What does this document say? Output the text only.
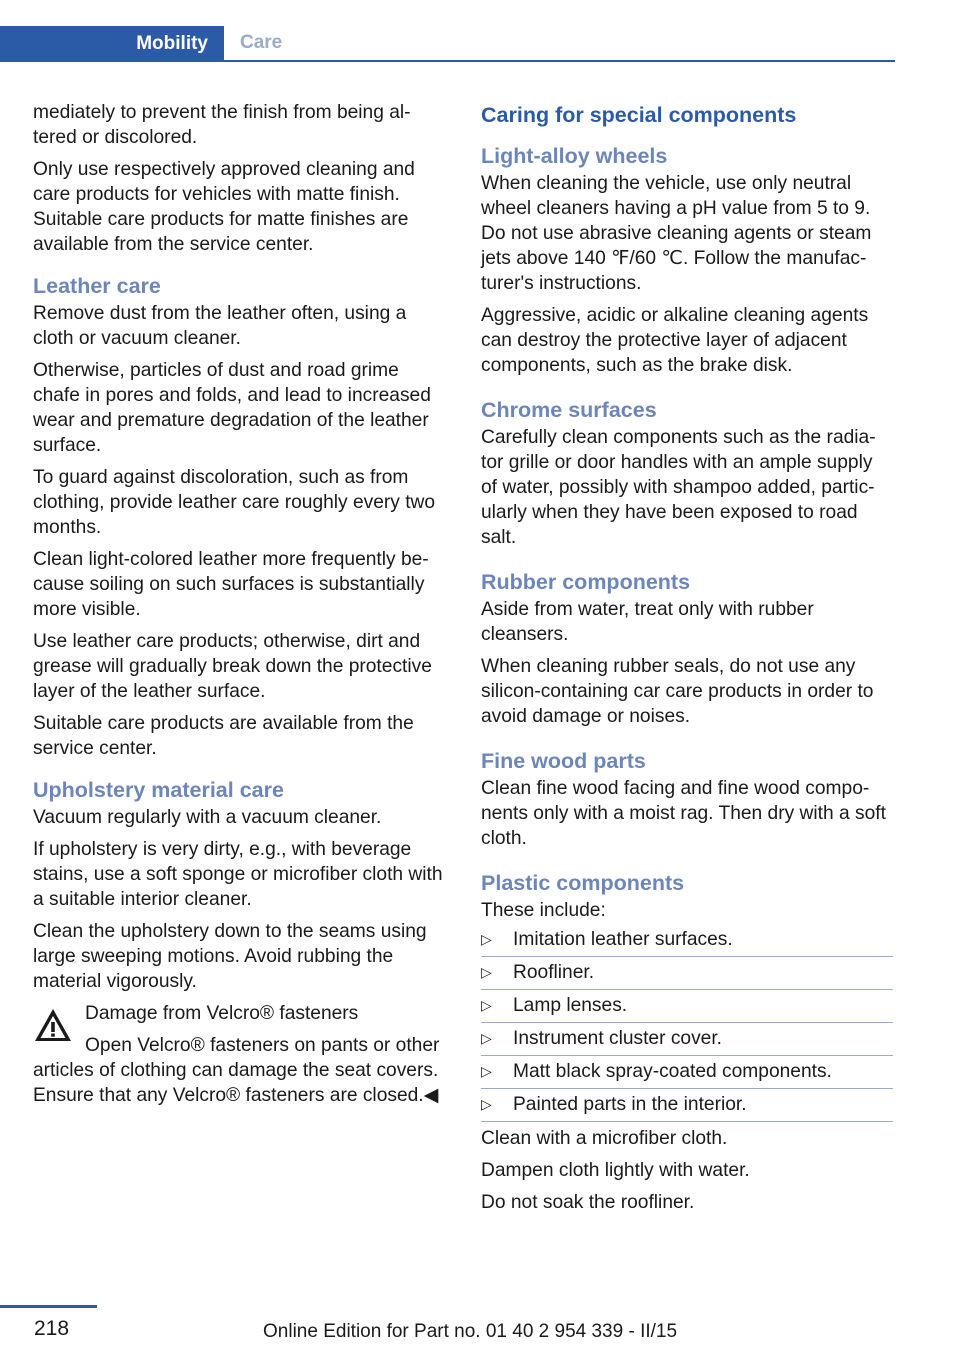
Mobility	Care

mediately to prevent the finish from being al-tered or discolored.

Only use respectively approved cleaning and care products for vehicles with matte finish. Suitable care products for matte finishes are available from the service center.

Leather care

Remove dust from the leather often, using a cloth or vacuum cleaner.

Otherwise, particles of dust and road grime chafe in pores and folds, and lead to increased wear and premature degradation of the leather surface.

To guard against discoloration, such as from clothing, provide leather care roughly every two months.

Clean light-colored leather more frequently be-cause soiling on such surfaces is substantially more visible.

Use leather care products; otherwise, dirt and grease will gradually break down the protective layer of the leather surface.

Suitable care products are available from the service center.

Upholstery material care

Vacuum regularly with a vacuum cleaner.

If upholstery is very dirty, e.g., with beverage stains, use a soft sponge or microfiber cloth with a suitable interior cleaner.

Clean the upholstery down to the seams using large sweeping motions. Avoid rubbing the material vigorously.

Damage from Velcro® fasteners

Open Velcro® fasteners on pants or other articles of clothing can damage the seat covers. Ensure that any Velcro® fasteners are closed.◀

Caring for special components
Light-alloy wheels

When cleaning the vehicle, use only neutral wheel cleaners having a pH value from 5 to 9. Do not use abrasive cleaning agents or steam jets above 140 ℉/60 ℃. Follow the manufac-turer's instructions.

Aggressive, acidic or alkaline cleaning agents can destroy the protective layer of adjacent components, such as the brake disk.

Chrome surfaces

Carefully clean components such as the radia-tor grille or door handles with an ample supply of water, possibly with shampoo added, partic-ularly when they have been exposed to road salt.

Rubber components

Aside from water, treat only with rubber cleansers.

When cleaning rubber seals, do not use any silicon-containing car care products in order to avoid damage or noises.

Fine wood parts

Clean fine wood facing and fine wood compo-nents only with a moist rag. Then dry with a soft cloth.

Plastic components

These include:

▷ Imitation leather surfaces.
▷ Roofliner.
▷ Lamp lenses.
▷ Instrument cluster cover.
▷ Matt black spray-coated components.
▷ Painted parts in the interior.

Clean with a microfiber cloth.

Dampen cloth lightly with water.

Do not soak the roofliner.

218	Online Edition for Part no. 01 40 2 954 339 - II/15
